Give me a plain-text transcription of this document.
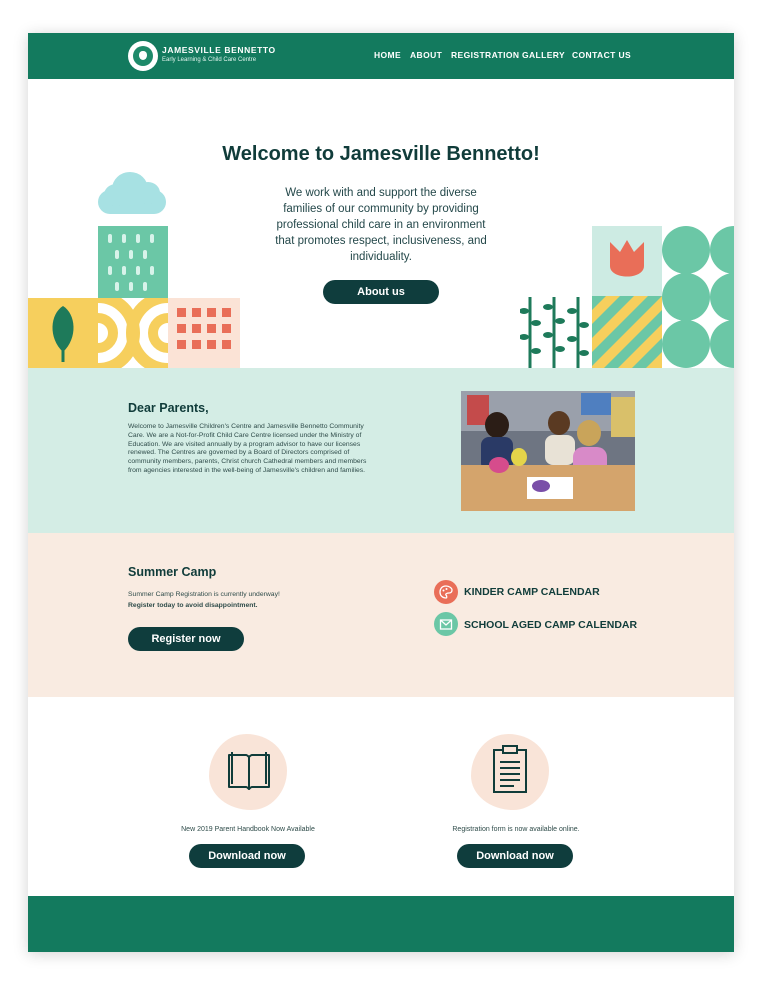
JAMESVILLE BENNETTO
Early Learning & Child Care Centre	HOME ABOUT REGISTRATION GALLERY CONTACT US
Welcome to Jamesville Bennetto!
We work with and support the diverse families of our community by providing professional child care in an environment that promotes respect, inclusiveness, and individuality.
About us
Dear Parents,
Welcome to Jamesville Children's Centre and Jamesville Bennetto Community Care. We are a Not-for-Profit Child Care Centre licensed under the Ministry of Education. We are visited annually by a program advisor to have our licenses renewed. The Centres are governed by a Board of Directors comprised of community members, parents, Christ church Cathedral members and members from agencies interested in the well-being of Jamesville's children and families.
Summer Camp
Summer Camp Registration is currently underway!
Register today to avoid disappointment.
Register now
KINDER CAMP CALENDAR
SCHOOL AGED CAMP CALENDAR
New 2019 Parent Handbook Now Available
Download now
Registration form is now available online.
Download now
